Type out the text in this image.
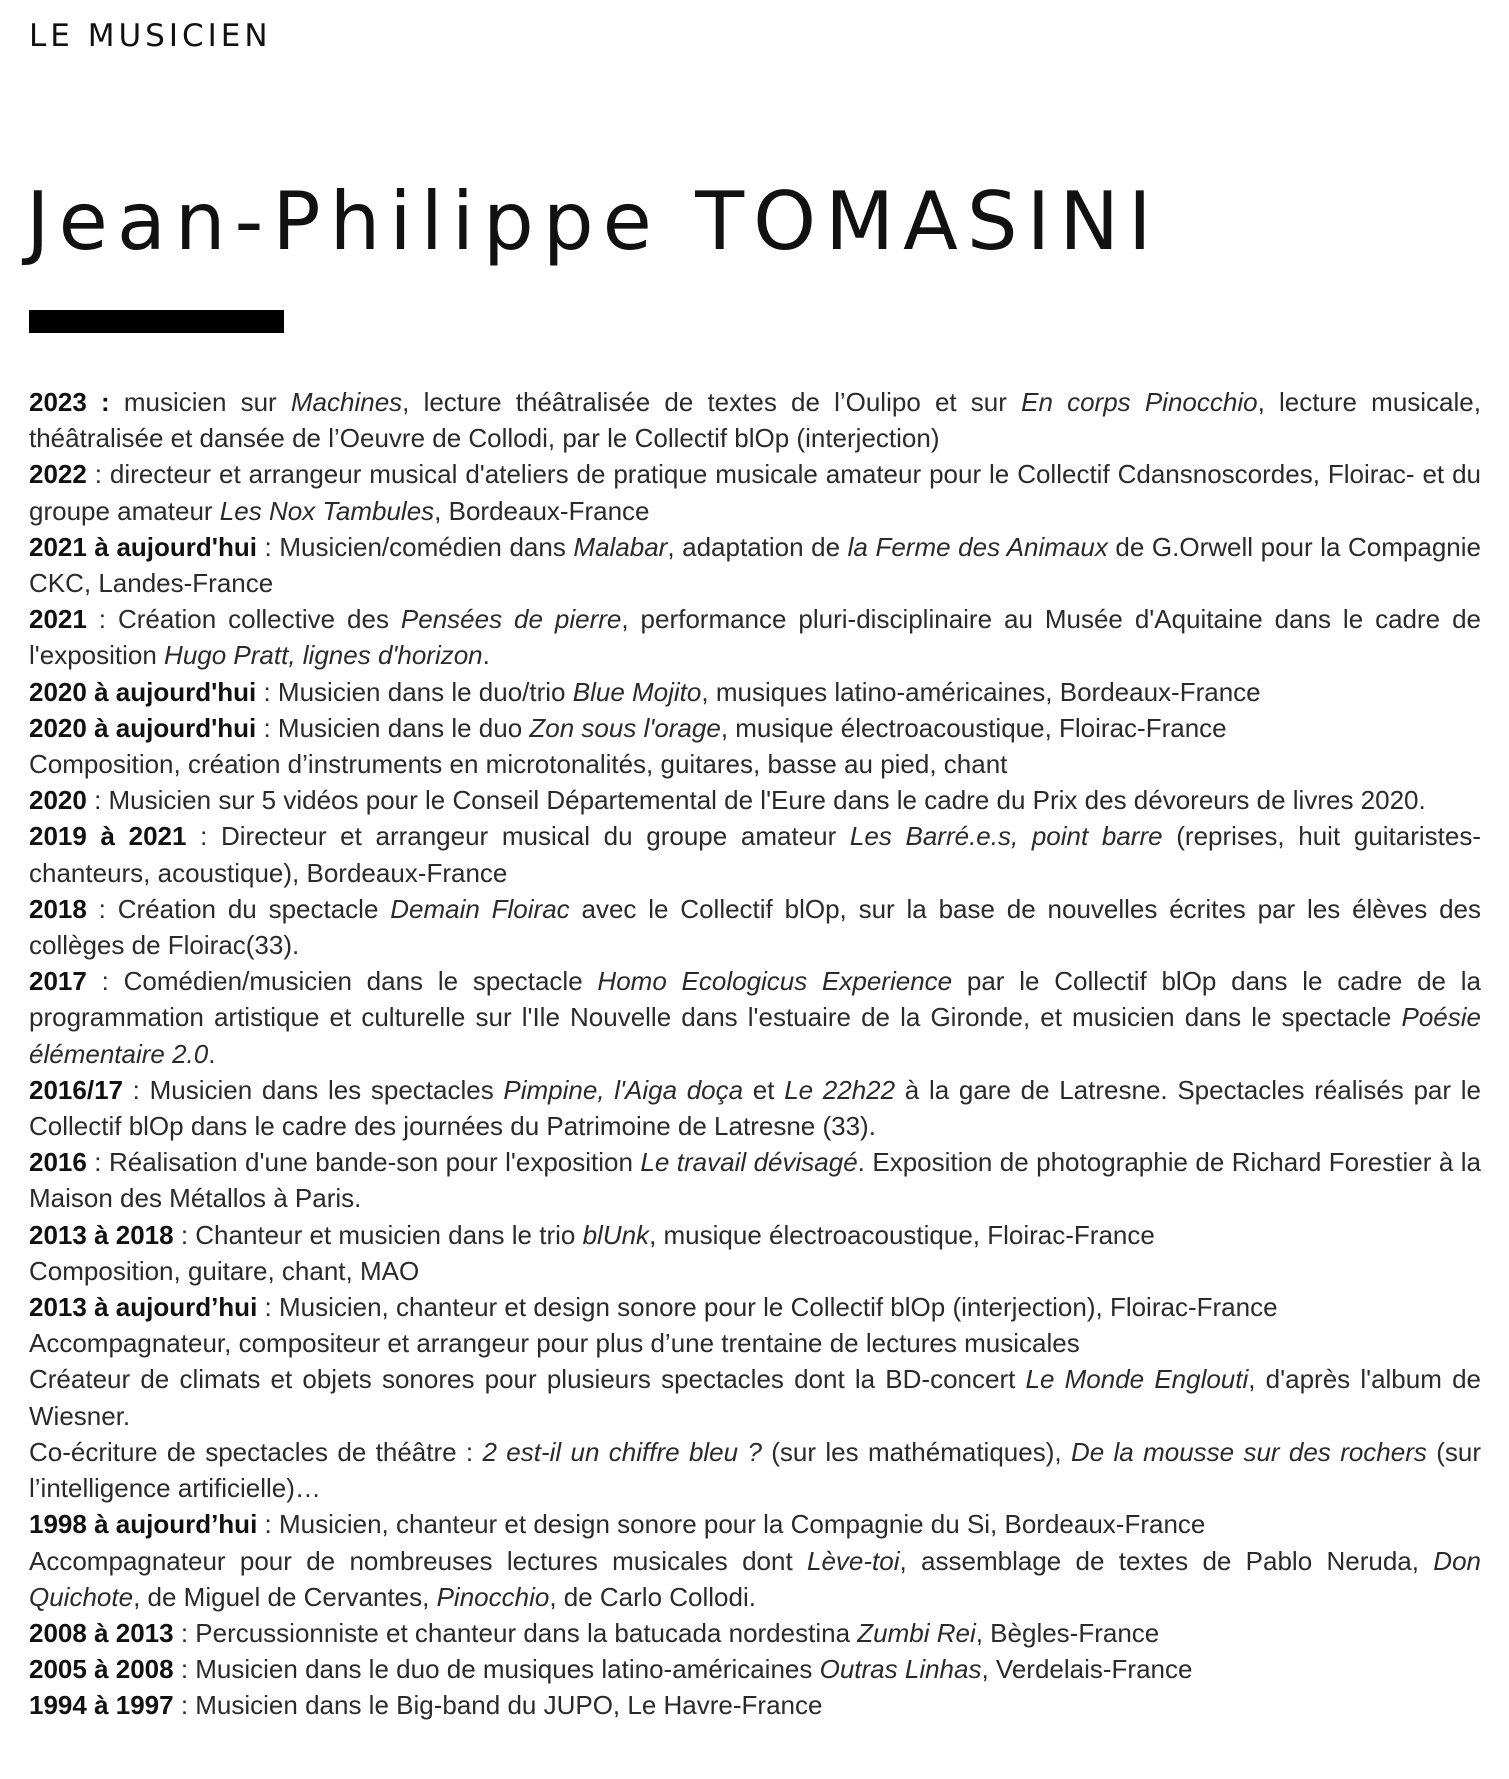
LE MUSICIEN
Jean-Philippe TOMASINI

2023 : musicien sur Machines, lecture théâtralisée de textes de l’Oulipo et sur En corps Pinocchio, lecture musicale, théâtralisée et dansée de l’Oeuvre de Collodi, par le Collectif blOp (interjection)

2022 : directeur et arrangeur musical d'ateliers de pratique musicale amateur pour le Collectif Cdansnoscordes, Floirac- et du groupe amateur Les Nox Tambules, Bordeaux-France

2021 à aujourd'hui : Musicien/comédien dans Malabar, adaptation de la Ferme des Animaux de G.Orwell pour la Compagnie CKC, Landes-France

2021 : Création collective des Pensées de pierre, performance pluri-disciplinaire au Musée d'Aquitaine dans le cadre de l'exposition Hugo Pratt, lignes d'horizon.

2020 à aujourd'hui : Musicien dans le duo/trio Blue Mojito, musiques latino-américaines, Bordeaux-France

2020 à aujourd'hui : Musicien dans le duo Zon sous l'orage, musique électroacoustique, Floirac-France

Composition, création d’instruments en microtonalités, guitares, basse au pied, chant

2020 : Musicien sur 5 vidéos pour le Conseil Départemental de l'Eure dans le cadre du Prix des dévoreurs de livres 2020.

2019 à 2021 : Directeur et arrangeur musical du groupe amateur Les Barré.e.s, point barre (reprises, huit guitaristes-chanteurs, acoustique), Bordeaux-France

2018 : Création du spectacle Demain Floirac avec le Collectif blOp, sur la base de nouvelles écrites par les élèves des collèges de Floirac(33).

2017 : Comédien/musicien dans le spectacle Homo Ecologicus Experience par le Collectif blOp dans le cadre de la programmation artistique et culturelle sur l'Ile Nouvelle dans l'estuaire de la Gironde, et musicien dans le spectacle Poésie élémentaire 2.0.

2016/17 : Musicien dans les spectacles Pimpine, l'Aiga doça et Le 22h22 à la gare de Latresne. Spectacles réalisés par le Collectif blOp dans le cadre des journées du Patrimoine de Latresne (33).

2016 : Réalisation d'une bande-son pour l'exposition Le travail dévisagé. Exposition de photographie de Richard Forestier à la Maison des Métallos à Paris.

2013 à 2018 : Chanteur et musicien dans le trio blUnk, musique électroacoustique, Floirac-France

Composition, guitare, chant, MAO

2013 à aujourd’hui : Musicien, chanteur et design sonore pour le Collectif blOp (interjection), Floirac-France

Accompagnateur, compositeur et arrangeur pour plus d’une trentaine de lectures musicales

Créateur de climats et objets sonores pour plusieurs spectacles dont la BD-concert Le Monde Englouti, d'après l'album de Wiesner.

Co-écriture de spectacles de théâtre : 2 est-il un chiffre bleu ? (sur les mathématiques), De la mousse sur des rochers (sur l’intelligence artificielle)…

1998 à aujourd’hui : Musicien, chanteur et design sonore pour la Compagnie du Si, Bordeaux-France

Accompagnateur pour de nombreuses lectures musicales dont Lève-toi, assemblage de textes de Pablo Neruda, Don Quichote, de Miguel de Cervantes, Pinocchio, de Carlo Collodi.

2008 à 2013 : Percussionniste et chanteur dans la batucada nordestina Zumbi Rei, Bègles-France

2005 à 2008 : Musicien dans le duo de musiques latino-américaines Outras Linhas, Verdelais-France

1994 à 1997 : Musicien dans le Big-band du JUPO, Le Havre-France
